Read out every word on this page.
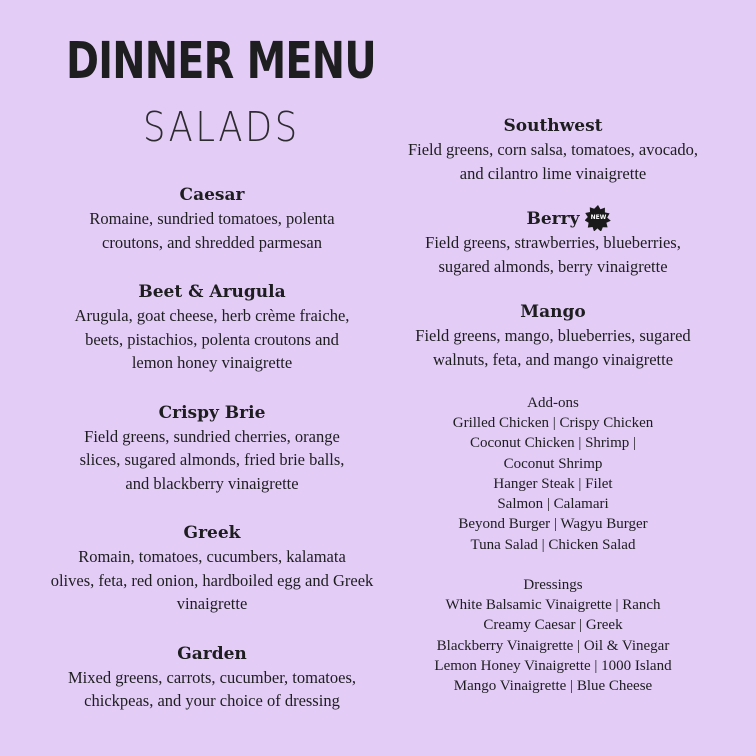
DINNER MENU
SALADS

Caesar

Romaine, sundried tomatoes, polenta

croutons, and shredded parmesan

Beet & Arugula

Arugula, goat cheese, herb crème fraiche,

beets, pistachios, polenta croutons and

lemon honey vinaigrette

Crispy Brie

Field greens, sundried cherries, orange

slices, sugared almonds, fried brie balls,

and blackberry vinaigrette

Greek

Romain, tomatoes, cucumbers, kalamata

olives, feta, red onion, hardboiled egg and Greek

vinaigrette

Garden

Mixed greens, carrots, cucumber, tomatoes,

chickpeas, and your choice of dressing

Southwest

Field greens, corn salsa, tomatoes, avocado,

and cilantro lime vinaigrette

Berry	NEW

Field greens, strawberries, blueberries,

sugared almonds, berry vinaigrette

Mango

Field greens, mango, blueberries, sugared

walnuts, feta, and mango vinaigrette

Add-ons

Grilled Chicken | Crispy Chicken

Coconut Chicken | Shrimp |

Coconut Shrimp

Hanger Steak | Filet

Salmon | Calamari

Beyond Burger | Wagyu Burger

Tuna Salad | Chicken Salad

Dressings

White Balsamic Vinaigrette | Ranch

Creamy Caesar | Greek

Blackberry Vinaigrette | Oil & Vinegar

Lemon Honey Vinaigrette | 1000 Island

Mango Vinaigrette | Blue Cheese
